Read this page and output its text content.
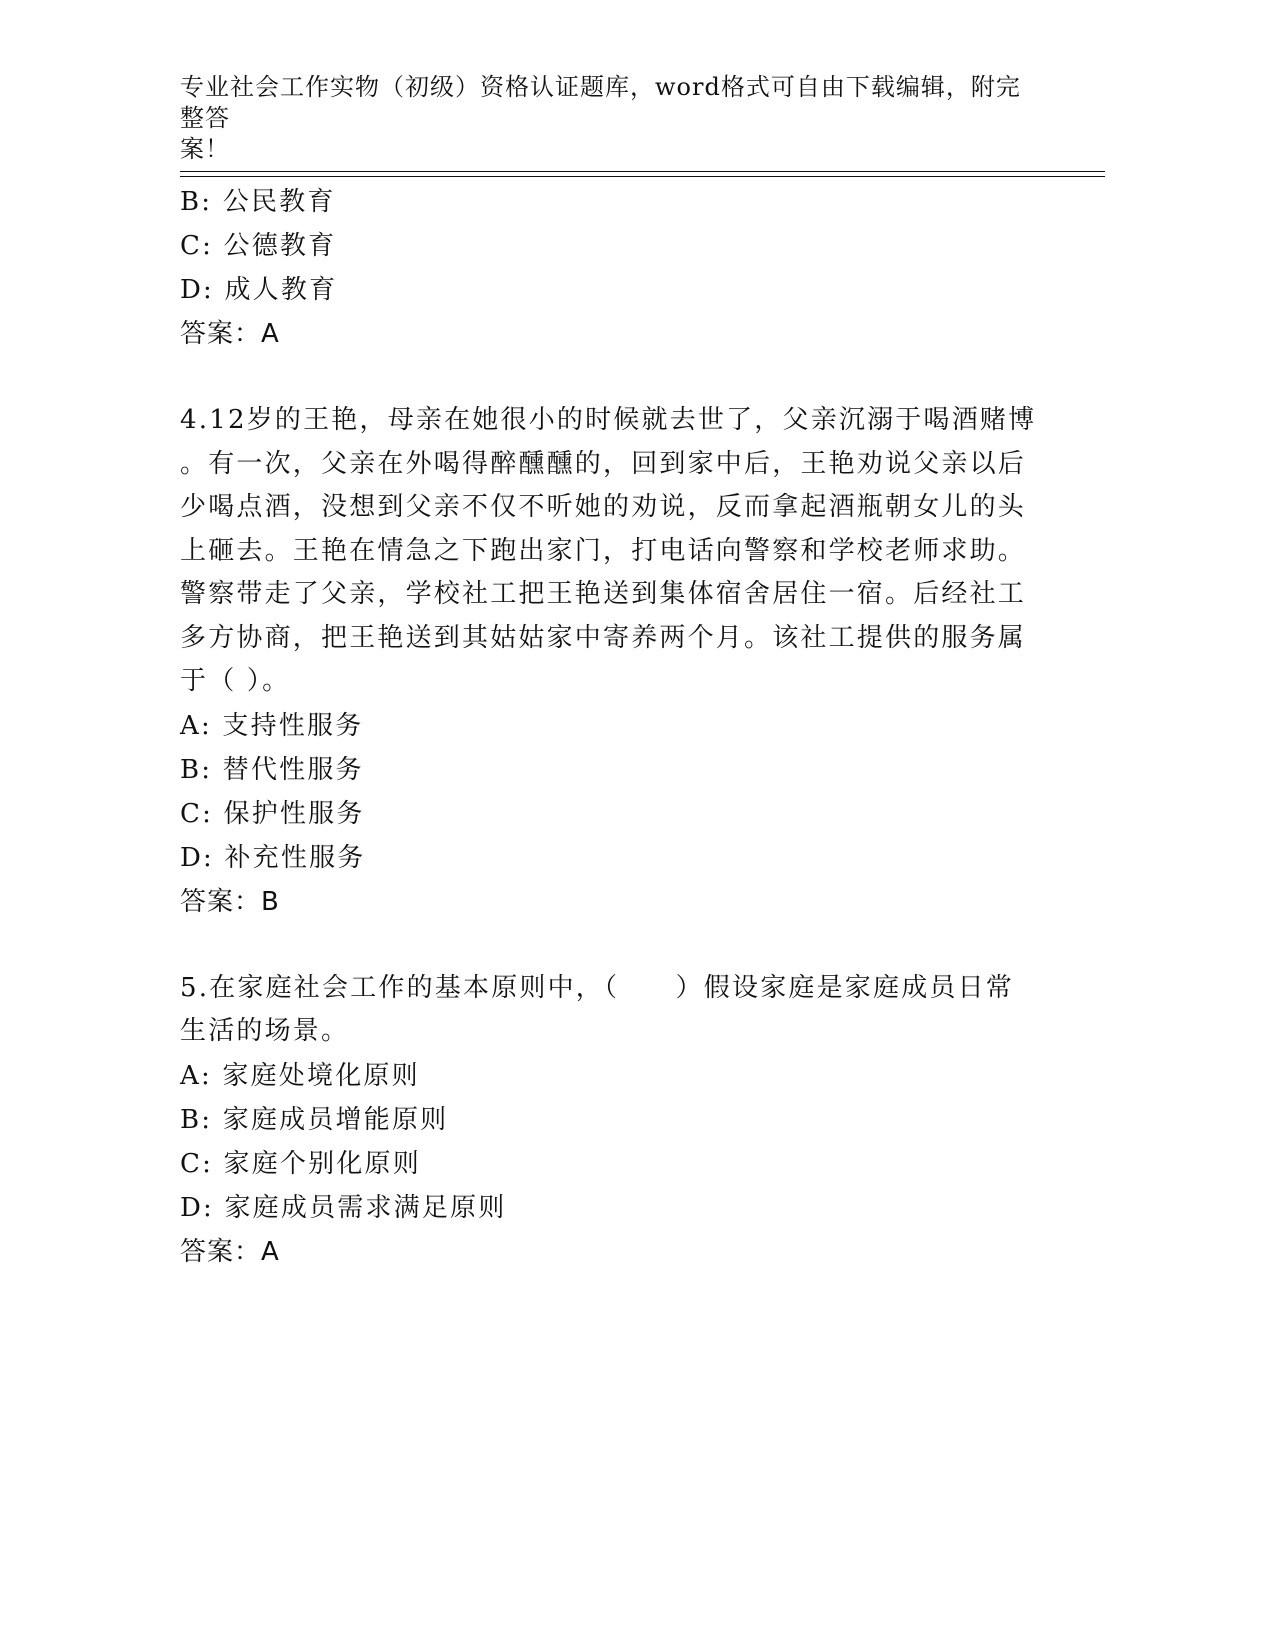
专业社会工作实物（初级）资格认证题库，word格式可自由下载编辑，附完整答
案！
B: 公民教育
C: 公德教育
D: 成人教育
答案：A
4.12岁的王艳，母亲在她很小的时候就去世了，父亲沉溺于喝酒赌博
。有一次，父亲在外喝得醉醺醺的，回到家中后，王艳劝说父亲以后
少喝点酒，没想到父亲不仅不听她的劝说，反而拿起酒瓶朝女儿的头
上砸去。王艳在情急之下跑出家门，打电话向警察和学校老师求助。
警察带走了父亲，学校社工把王艳送到集体宿舍居住一宿。后经社工
多方协商，把王艳送到其姑姑家中寄养两个月。该社工提供的服务属
于（ ）。
A: 支持性服务
B: 替代性服务
C: 保护性服务
D: 补充性服务
答案：B
5.在家庭社会工作的基本原则中，（　　）假设家庭是家庭成员日常
生活的场景。
A: 家庭处境化原则
B: 家庭成员增能原则
C: 家庭个别化原则
D: 家庭成员需求满足原则
答案：A
